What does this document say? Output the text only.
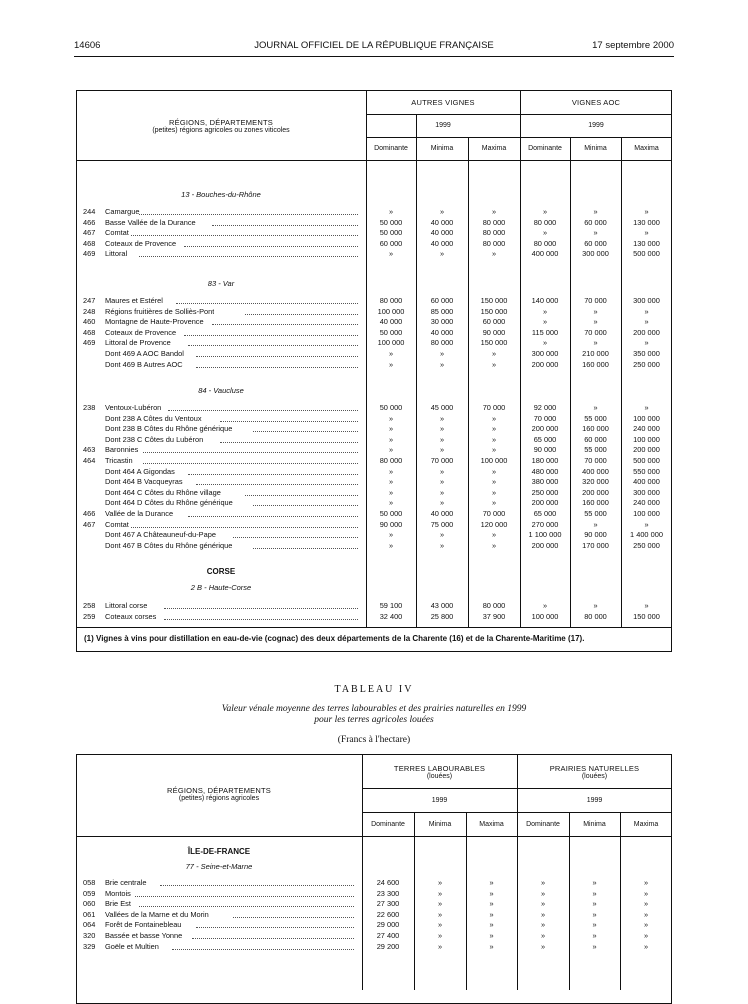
14606	JOURNAL OFFICIEL DE LA RÉPUBLIQUE FRANÇAISE	17 septembre 2000
RÉGIONS, DÉPARTEMENTS
(petites) régions agricoles ou zones viticoles
AUTRES VIGNES	VIGNES AOC
1999	1999
Dominante	Minima	Maxima	Dominante	Minima	Maxima
13 - Bouches-du-Rhône
244	Camargue	»	»	»	»	»	»
466	Basse Vallée de la Durance	50 000	40 000	80 000	80 000	60 000	130 000
467	Comtat	50 000	40 000	80 000	»	»	»
468	Coteaux de Provence	60 000	40 000	80 000	80 000	60 000	130 000
469	Littoral	»	»	»	400 000	300 000	500 000
83 - Var
247	Maures et Estérel	80 000	60 000	150 000	140 000	70 000	300 000
248	Régions fruitières de Solliès-Pont	100 000	85 000	150 000	»	»	»
460	Montagne de Haute-Provence	40 000	30 000	60 000	»	»	»
468	Coteaux de Provence	50 000	40 000	90 000	115 000	70 000	200 000
469	Littoral de Provence	100 000	80 000	150 000	»	»	»
Dont 469 A AOC Bandol	»	»	»	300 000	210 000	350 000
Dont 469 B Autres AOC	»	»	»	200 000	160 000	250 000
84 - Vaucluse
238	Ventoux-Lubéron	50 000	45 000	70 000	92 000	»	»
Dont 238 A Côtes du Ventoux	»	»	»	70 000	55 000	100 000
Dont 238 B Côtes du Rhône générique	»	»	»	200 000	160 000	240 000
Dont 238 C Côtes du Lubéron	»	»	»	65 000	60 000	100 000
463	Baronnies	»	»	»	90 000	55 000	200 000
464	Tricastin	80 000	70 000	100 000	180 000	70 000	500 000
Dont 464 A Gigondas	»	»	»	480 000	400 000	550 000
Dont 464 B Vacqueyras	»	»	»	380 000	320 000	400 000
Dont 464 C Côtes du Rhône village	»	»	»	250 000	200 000	300 000
Dont 464 D Côtes du Rhône générique	»	»	»	200 000	160 000	240 000
466	Vallée de la Durance	50 000	40 000	70 000	65 000	55 000	100 000
467	Comtat	90 000	75 000	120 000	270 000	»	»
Dont 467 A Châteauneuf-du-Pape	»	»	»	1 100 000	90 000	1 400 000
Dont 467 B Côtes du Rhône générique	»	»	»	200 000	170 000	250 000
CORSE
2 B - Haute-Corse
258	Littoral corse	59 100	43 000	80 000	»	»	»
259	Coteaux corses	32 400	25 800	37 900	100 000	80 000	150 000
(1) Vignes à vins pour distillation en eau-de-vie (cognac) des deux départements de la Charente (16) et de la Charente-Maritime (17).
TABLEAU IV
Valeur vénale moyenne des terres labourables et des prairies naturelles en 1999
pour les terres agricoles louées
(Francs à l'hectare)
RÉGIONS, DÉPARTEMENTS
(petites) régions agricoles
TERRES LABOURABLES
(louées)
PRAIRIES NATURELLES
(louées)
1999	1999
ÎLE-DE-FRANCE
77 - Seine-et-Marne
Dominante	Minima	Maxima	Dominante	Minima	Maxima
058	Brie centrale	24 600	»	»	»	»	»
059	Montois	23 300	»	»	»	»	»
060	Brie Est	27 300	»	»	»	»	»
061	Vallées de la Marne et du Morin	22 600	»	»	»	»	»
064	Forêt de Fontainebleau	29 000	»	»	»	»	»
320	Bassée et basse Yonne	27 400	»	»	»	»	»
329	Goële et Multien	29 200	»	»	»	»	»
